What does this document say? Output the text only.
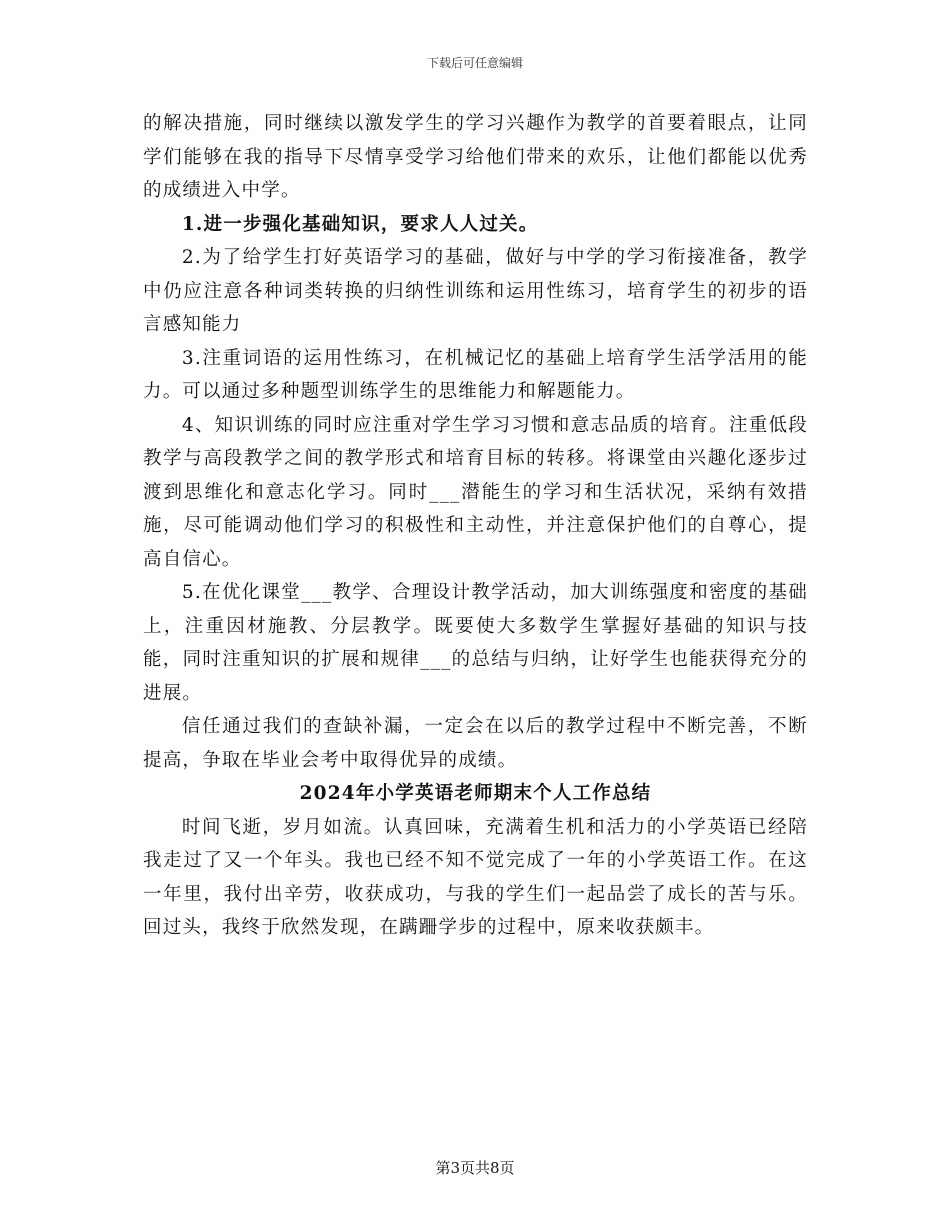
下载后可任意编辑

的解决措施，同时继续以激发学生的学习兴趣作为教学的首要着眼点，让同学们能够在我的指导下尽情享受学习给他们带来的欢乐，让他们都能以优秀的成绩进入中学。

1.进一步强化基础知识，要求人人过关。

2.为了给学生打好英语学习的基础，做好与中学的学习衔接准备，教学中仍应注意各种词类转换的归纳性训练和运用性练习，培育学生的初步的语言感知能力

3.注重词语的运用性练习，在机械记忆的基础上培育学生活学活用的能力。可以通过多种题型训练学生的思维能力和解题能力。

4、知识训练的同时应注重对学生学习习惯和意志品质的培育。注重低段教学与高段教学之间的教学形式和培育目标的转移。将课堂由兴趣化逐步过渡到思维化和意志化学习。同时___潜能生的学习和生活状况，采纳有效措施，尽可能调动他们学习的积极性和主动性，并注意保护他们的自尊心，提高自信心。

5.在优化课堂___教学、合理设计教学活动，加大训练强度和密度的基础上，注重因材施教、分层教学。既要使大多数学生掌握好基础的知识与技能，同时注重知识的扩展和规律___的总结与归纳，让好学生也能获得充分的进展。

信任通过我们的查缺补漏，一定会在以后的教学过程中不断完善，不断提高，争取在毕业会考中取得优异的成绩。

2024年小学英语老师期末个人工作总结

时间飞逝，岁月如流。认真回味，充满着生机和活力的小学英语已经陪我走过了又一个年头。我也已经不知不觉完成了一年的小学英语工作。在这一年里，我付出辛劳，收获成功，与我的学生们一起品尝了成长的苦与乐。回过头，我终于欣然发现，在蹒跚学步的过程中，原来收获颇丰。

第3页共8页
